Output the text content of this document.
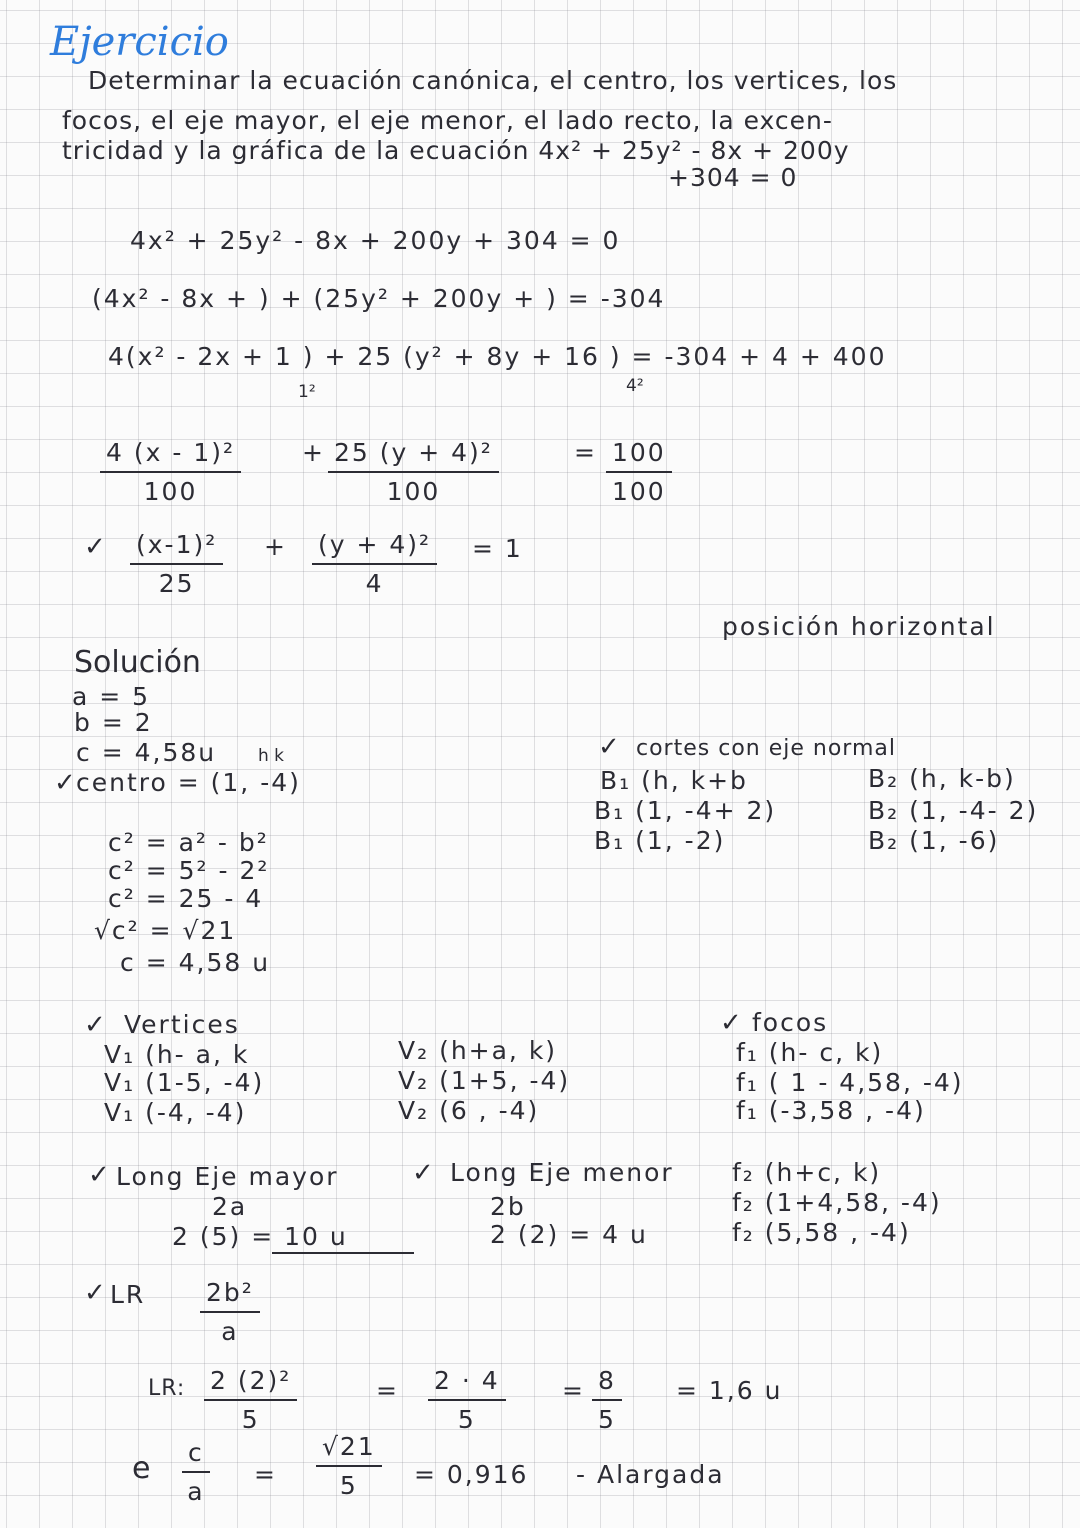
Ejercicio
Determinar la ecuación canónica, el centro, los vertices, los
focos, el eje mayor, el eje menor, el lado recto, la excen-
tricidad y la gráfica de la ecuación 4x² + 25y² - 8x + 200y
+304 = 0
4x² + 25y² - 8x + 200y + 304 = 0
(4x² - 8x + ) + (25y² + 200y + ) = -304
4(x² - 2x + 1 ) + 25 (y² + 8y + 16 ) = -304 + 4 + 400
1²	4²
$\frac{\text{4 (x - 1)²}}{100} + \frac{\text{25 (y + 4)²}}{100}$	= $\frac{100}{100}$
✓ $\frac{\text{(x-1)²}}{25} + \frac{\text{(y + 4)²}}{4} = 1$
posición horizontal
Solución
a = 5
b = 2
c = 4,58u h k
✓ centro = (1, -4)
c² = a² - b²
c² = 5² - 2²
c² = 25 - 4
√c² = √21
c = 4,58 u
✓ cortes con eje normal
B₁ (h, k+b
B₁ (1, -4+ 2)
B₁ (1, -2)
B₂ (h, k-b)
B₂ (1, -4- 2)
B₂ (1, -6)
✓ Vertices
V₁ (h- a, k
V₁ (1-5, -4)
V₁ (-4, -4)
V₂ (h+a, k)
V₂ (1+5, -4)
V₂ (6 , -4)
✓ focos
f₁ (h- c, k)
f₁ ( 1 - 4,58, -4)
f₁ (-3,58 , -4)
f₂ (h+c, k)
f₂ (1+4,58, -4)
f₂ (5,58 , -4)
✓ Long Eje mayor
2a
2 (5) = 10 u
✓ Long Eje menor
2b
2 (2) = 4 u
✓ LR $\frac{\text{2b²}}{a}$
LR: $\frac{\text{2 (2)²}}{5}$	= $\frac{2 \cdot 4}{5} = \frac{8}{5} = 1,6$ u
e $\frac{c}{a} = \frac{√21}{5} = 0,916$ - Alargada
